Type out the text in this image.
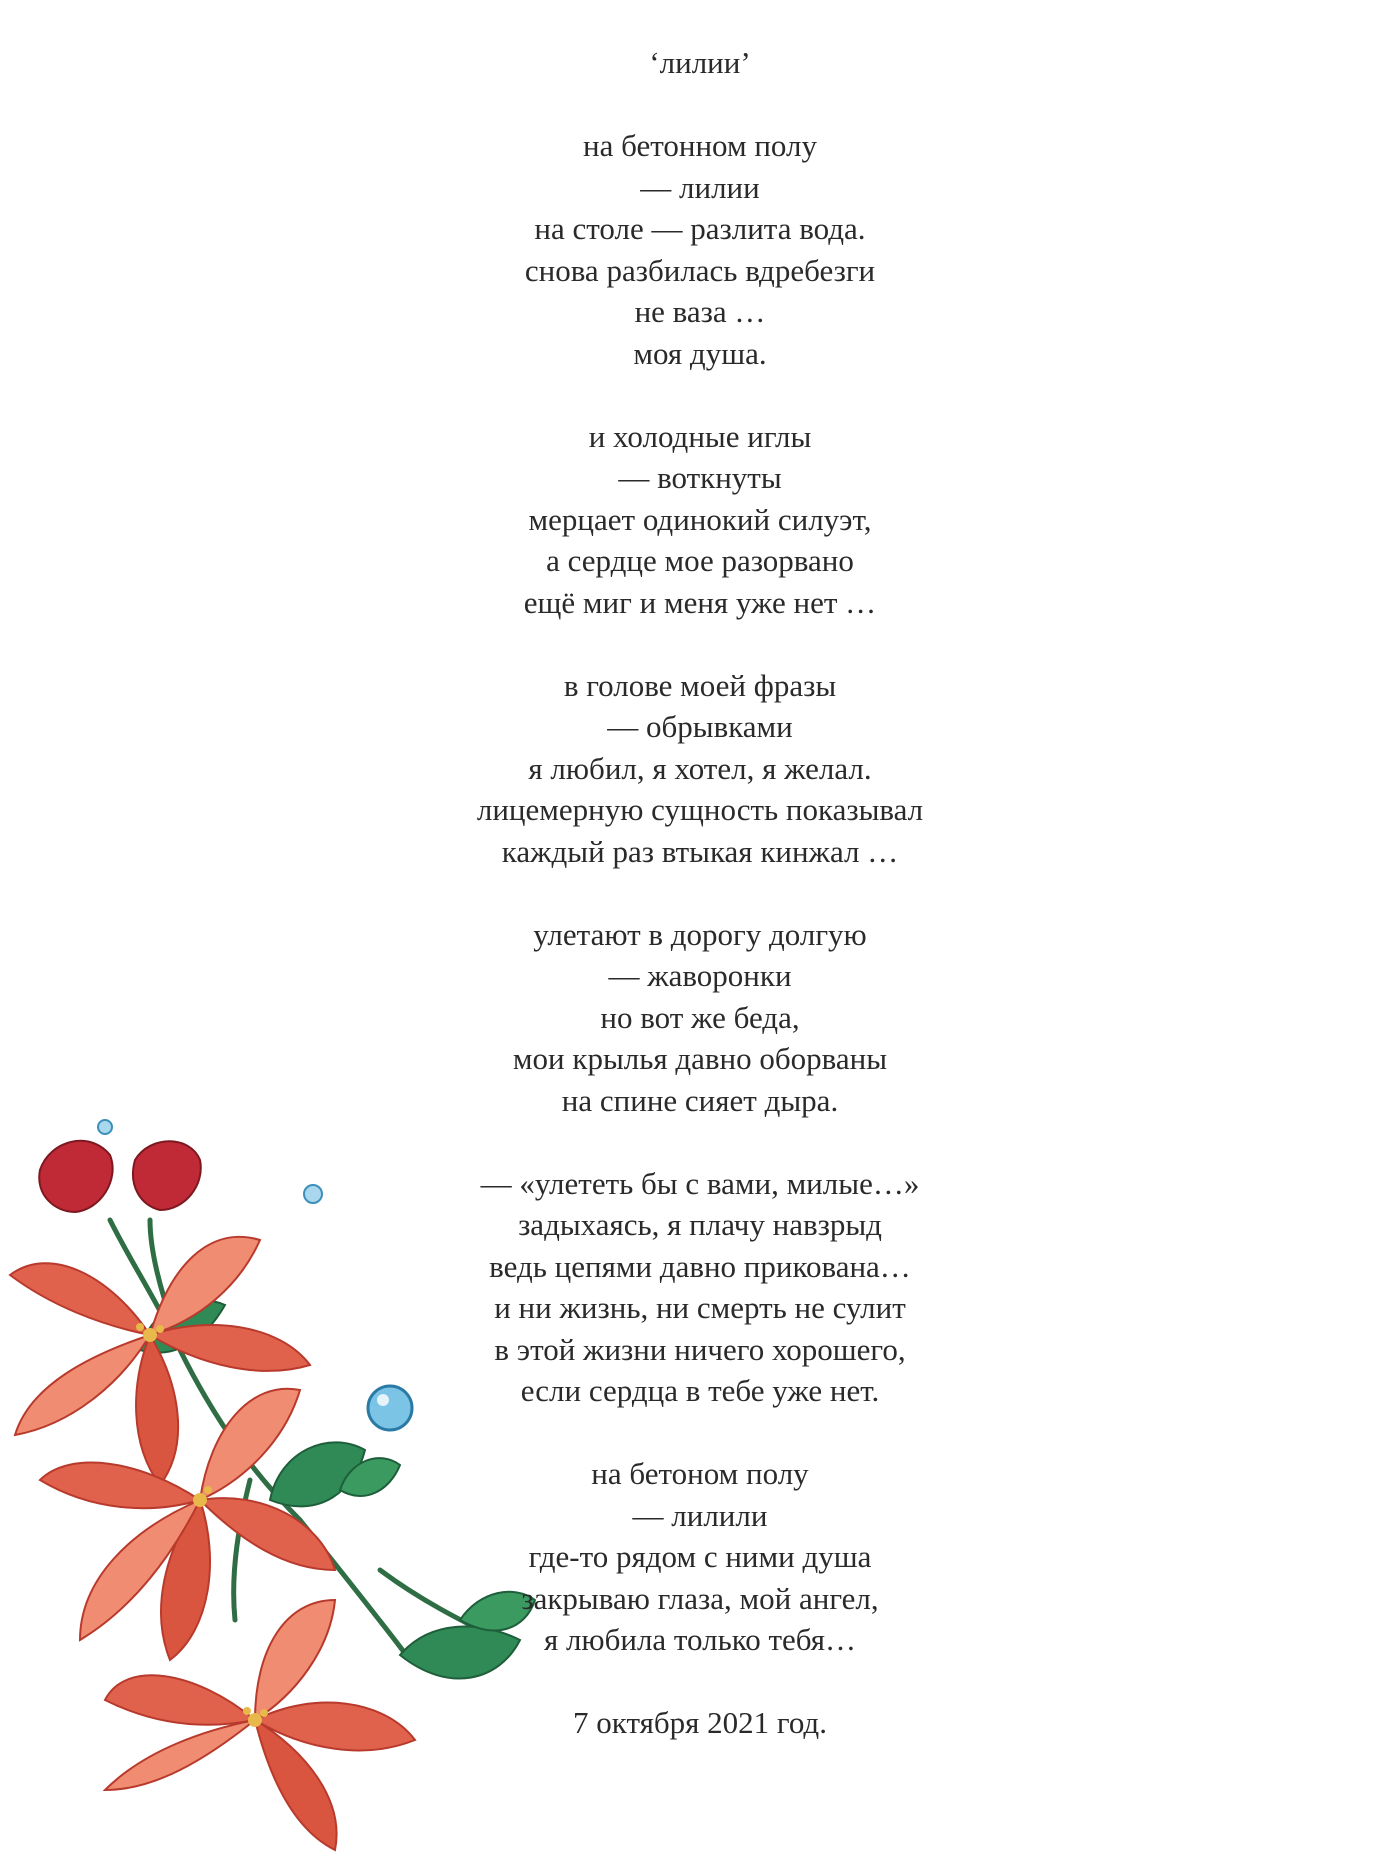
‘лилии’
на бетонном полу
— лилии
на столе — разлита вода.
снова разбилась вдребезги
не ваза …
моя душа.
и холодные иглы
— воткнуты
мерцает одинокий силуэт,
а сердце мое разорвано
ещё миг и меня уже нет …
в голове моей фразы
— обрывками
я любил, я хотел, я желал.
лицемерную сущность показывал
каждый раз втыкая кинжал …
улетают в дорогу долгую
— жаворонки
но вот же беда,
мои крылья давно оборваны
на спине сияет дыра.
— «улететь бы с вами, милые…»
задыхаясь, я плачу навзрыд
ведь цепями давно прикована…
и ни жизнь, ни смерть не сулит
в этой жизни ничего хорошего,
если сердца в тебе уже нет.
на бетоном полу
— лилили
где-то рядом с ними душа
закрываю глаза, мой ангел,
я любила только тебя…
7 октября 2021 год.
